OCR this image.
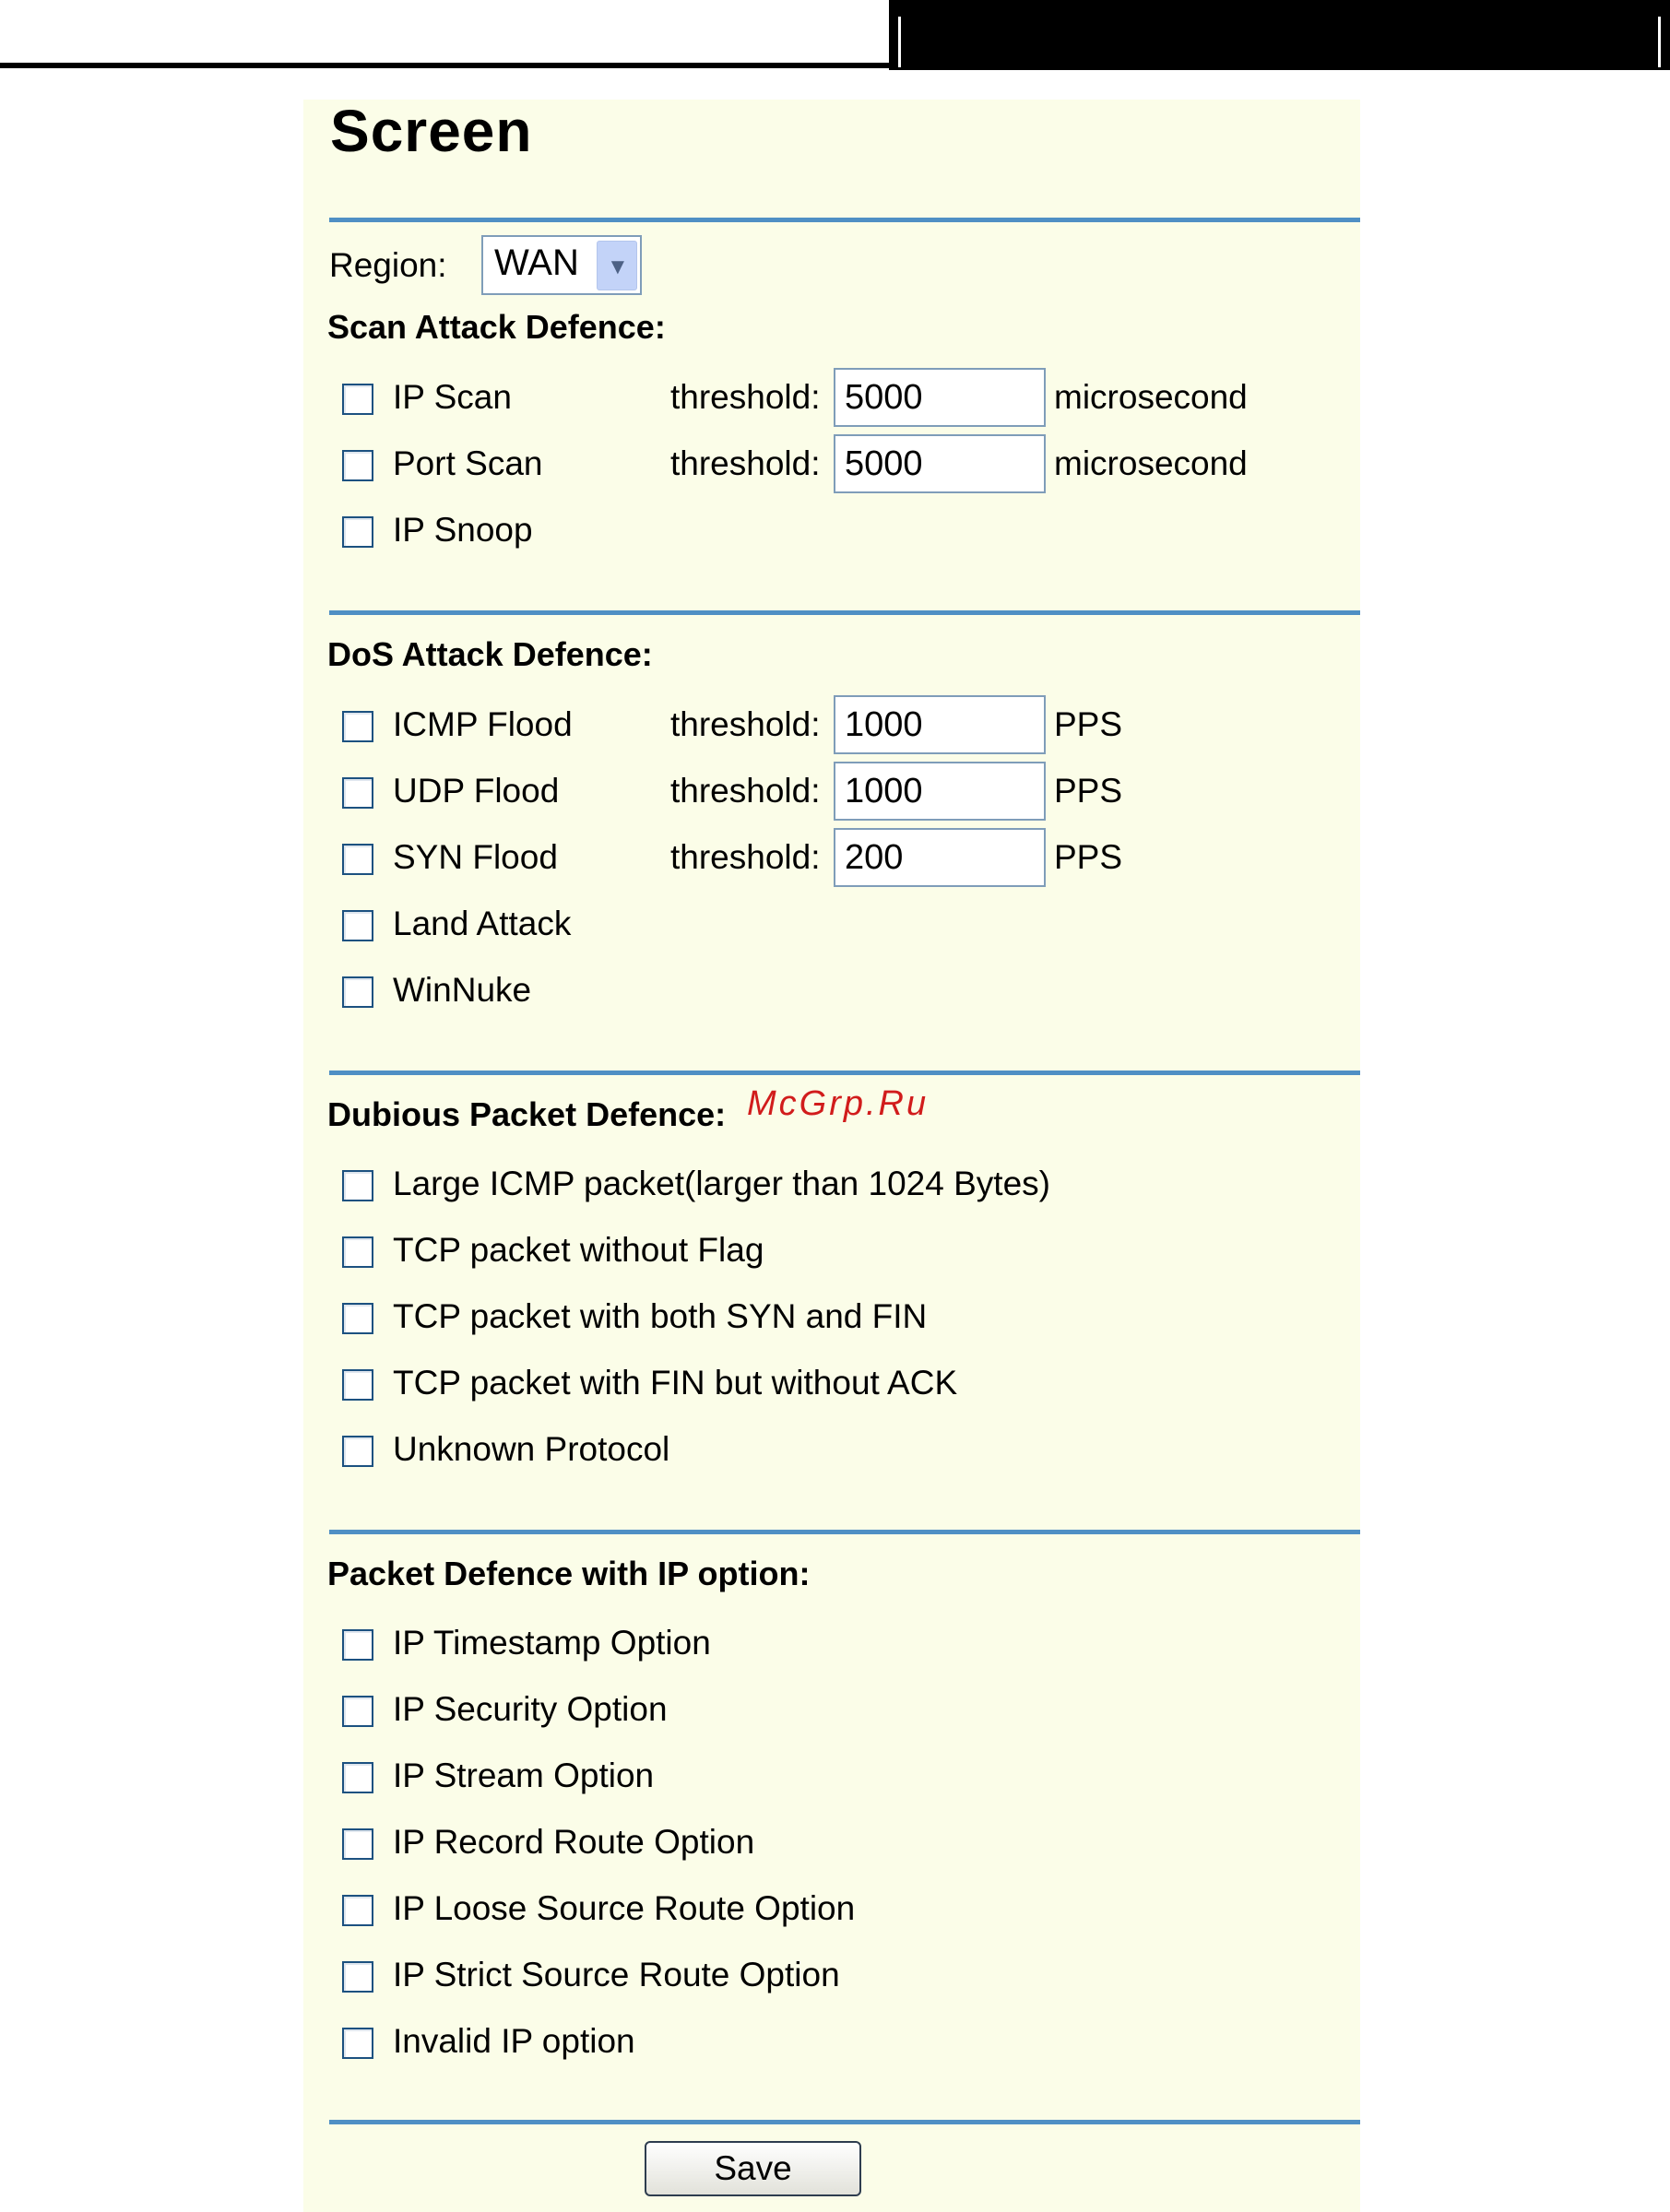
Screen
Region: WAN ▼
Scan Attack Defence:
IP Scan	threshold: 5000	microsecond
Port Scan	threshold: 5000	microsecond
IP Snoop
DoS Attack Defence:
ICMP Flood	threshold: 1000	PPS
UDP Flood	threshold: 1000	PPS
SYN Flood	threshold: 200	PPS
Land Attack
WinNuke
Dubious Packet Defence: McGrp.Ru
Large ICMP packet(larger than 1024 Bytes)
TCP packet without Flag
TCP packet with both SYN and FIN
TCP packet with FIN but without ACK
Unknown Protocol
Packet Defence with IP option:
IP Timestamp Option
IP Security Option
IP Stream Option
IP Record Route Option
IP Loose Source Route Option
IP Strict Source Route Option
Invalid IP option
Save
